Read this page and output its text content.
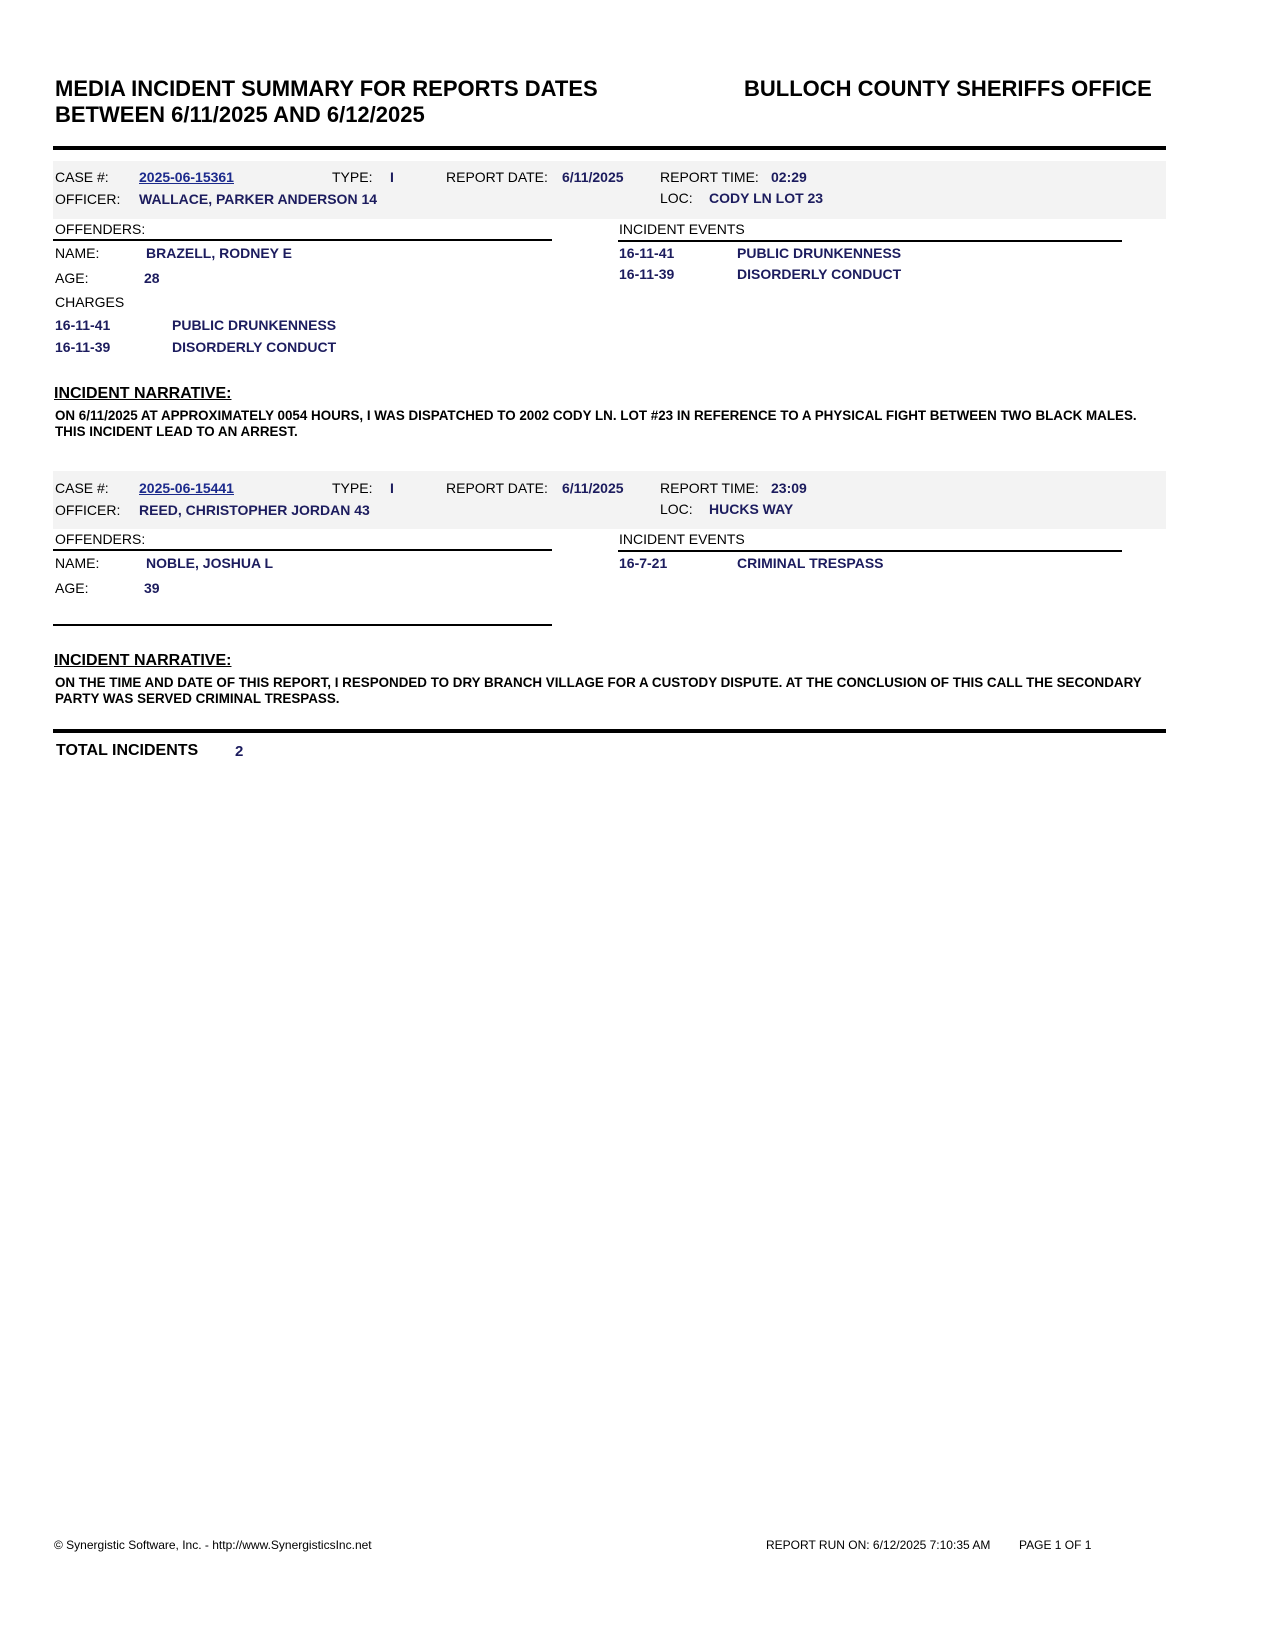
MEDIA INCIDENT SUMMARY FOR REPORTS DATES BETWEEN 6/11/2025 AND 6/12/2025
BULLOCH COUNTY SHERIFFS OFFICE
CASE #: 2025-06-15361	TYPE: I	REPORT DATE: 6/11/2025	REPORT TIME: 02:29
OFFICER: WALLACE, PARKER ANDERSON 14	LOC: CODY LN LOT 23
OFFENDERS:	INCIDENT EVENTS
NAME:	BRAZELL, RODNEY E
AGE:	28
CHARGES
16-11-41	PUBLIC DRUNKENNESS
16-11-39	DISORDERLY CONDUCT
16-11-41	PUBLIC DRUNKENNESS
16-11-39	DISORDERLY CONDUCT
INCIDENT NARRATIVE:
ON 6/11/2025 AT APPROXIMATELY 0054 HOURS, I WAS DISPATCHED TO 2002 CODY LN. LOT #23 IN REFERENCE TO A PHYSICAL FIGHT BETWEEN TWO BLACK MALES. THIS INCIDENT LEAD TO AN ARREST.
CASE #: 2025-06-15441	TYPE: I	REPORT DATE: 6/11/2025	REPORT TIME: 23:09
OFFICER: REED, CHRISTOPHER JORDAN 43	LOC: HUCKS WAY
OFFENDERS:	INCIDENT EVENTS
NAME:	NOBLE, JOSHUA L
AGE:	39
16-7-21	CRIMINAL TRESPASS
INCIDENT NARRATIVE:
ON THE TIME AND DATE OF THIS REPORT, I RESPONDED TO DRY BRANCH VILLAGE FOR A CUSTODY DISPUTE. AT THE CONCLUSION OF THIS CALL THE SECONDARY PARTY WAS SERVED CRIMINAL TRESPASS.
TOTAL INCIDENTS 2
© Synergistic Software, Inc. - http://www.SynergisticsInc.net	REPORT RUN ON: 6/12/2025 7:10:35 AM PAGE 1 OF 1
